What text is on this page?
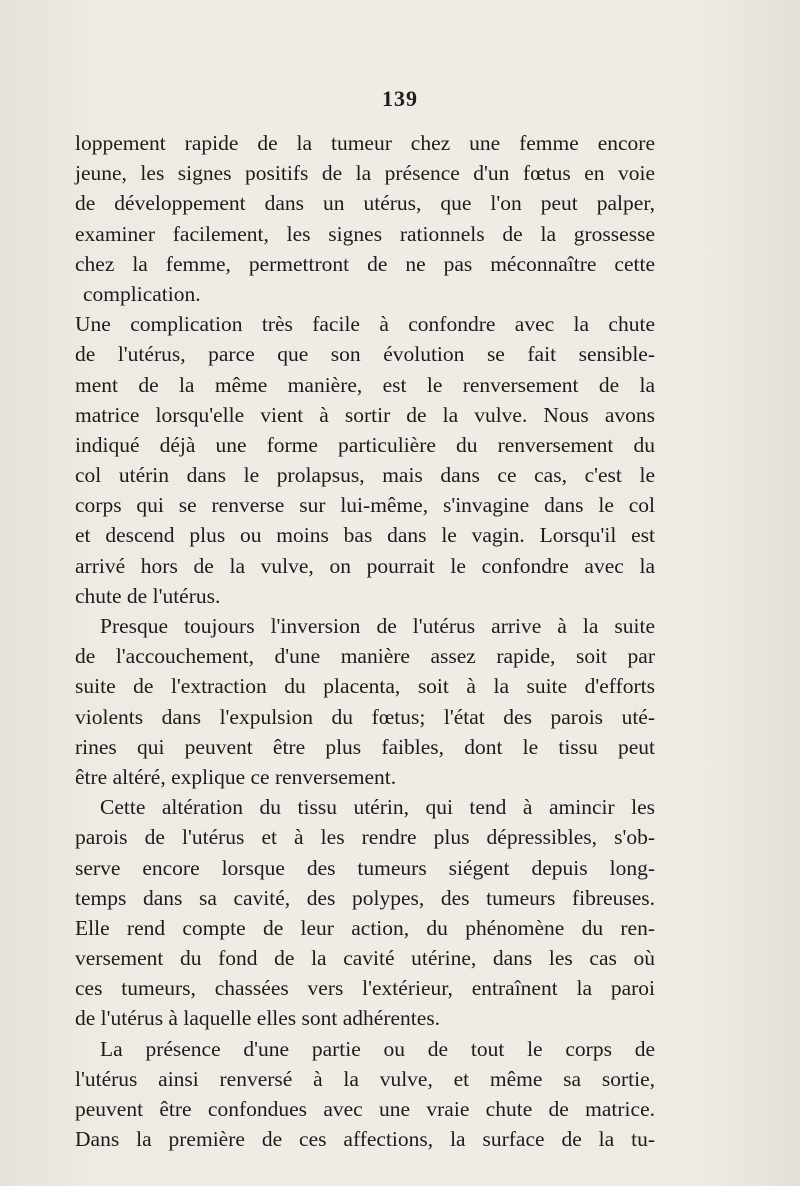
139
loppement rapide de la tumeur chez une femme encore
jeune, les signes positifs de la présence d'un fœtus en voie
de développement dans un utérus, que l'on peut palper,
examiner facilement, les signes rationnels de la grossesse
chez la femme, permettront de ne pas méconnaître cette
complication.
Une complication très facile à confondre avec la chute
de l'utérus, parce que son évolution se fait sensible-
ment de la même manière, est le renversement de la
matrice lorsqu'elle vient à sortir de la vulve. Nous avons
indiqué déjà une forme particulière du renversement du
col utérin dans le prolapsus, mais dans ce cas, c'est le
corps qui se renverse sur lui-même, s'invagine dans le col
et descend plus ou moins bas dans le vagin. Lorsqu'il est
arrivé hors de la vulve, on pourrait le confondre avec la
chute de l'utérus.
Presque toujours l'inversion de l'utérus arrive à la suite
de l'accouchement, d'une manière assez rapide, soit par
suite de l'extraction du placenta, soit à la suite d'efforts
violents dans l'expulsion du fœtus; l'état des parois uté-
rines qui peuvent être plus faibles, dont le tissu peut
être altéré, explique ce renversement.
Cette altération du tissu utérin, qui tend à amincir les
parois de l'utérus et à les rendre plus dépressibles, s'ob-
serve encore lorsque des tumeurs siégent depuis long-
temps dans sa cavité, des polypes, des tumeurs fibreuses.
Elle rend compte de leur action, du phénomène du ren-
versement du fond de la cavité utérine, dans les cas où
ces tumeurs, chassées vers l'extérieur, entraînent la paroi
de l'utérus à laquelle elles sont adhérentes.
La présence d'une partie ou de tout le corps de
l'utérus ainsi renversé à la vulve, et même sa sortie,
peuvent être confondues avec une vraie chute de matrice.
Dans la première de ces affections, la surface de la tu-
